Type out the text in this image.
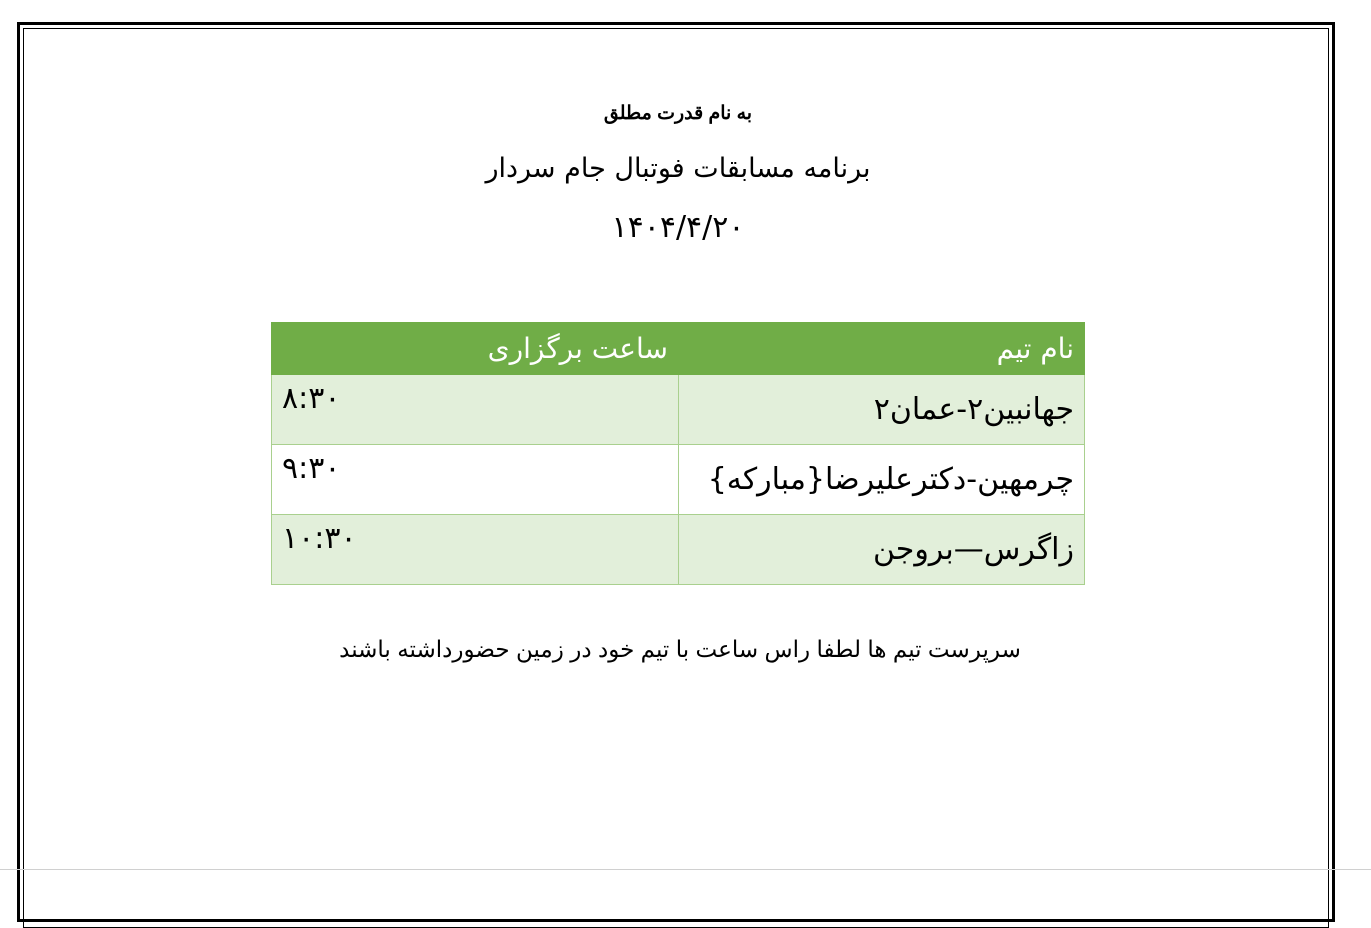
به نام قدرت مطلق
برنامه مسابقات فوتبال جام سردار
۱۴۰۴/۴/۲۰
نام تیم	ساعت برگزاری
جهانبین۲-عمان۲	۸:۳۰
چرمهین-دکترعلیرضا{مبارکه}	۹:۳۰
زاگرس—بروجن	۱۰:۳۰
سرپرست تیم ها لطفا راس ساعت با تیم خود در زمین حضورداشته باشند
